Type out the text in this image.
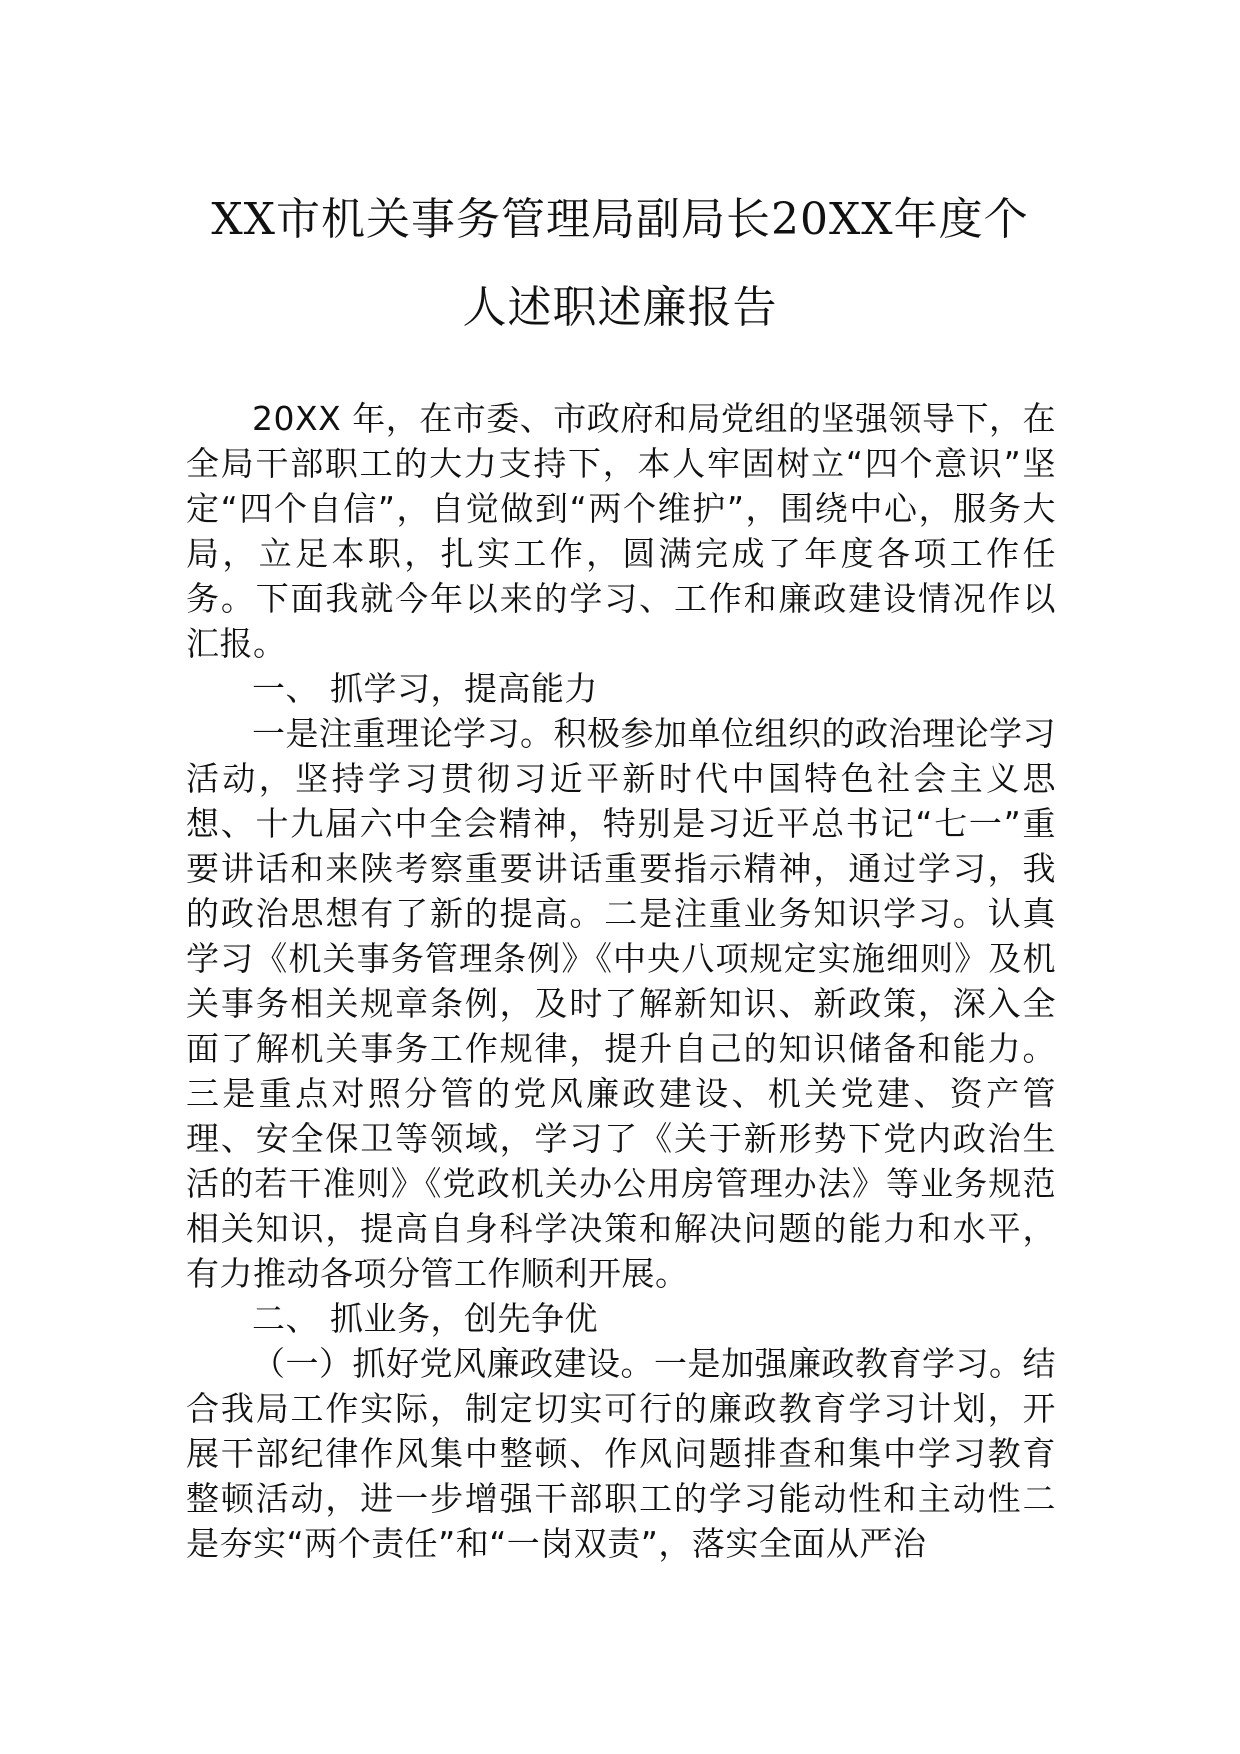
XX市机关事务管理局副局长20XX年度个
人述职述廉报告

20XX 年，在市委、市政府和局党组的坚强领导下，在全局干部职工的大力支持下，本人牢固树立“四个意识”坚定“四个自信”，自觉做到“两个维护”，围绕中心，服务大局，立足本职，扎实工作，圆满完成了年度各项工作任务。下面我就今年以来的学习、工作和廉政建设情况作以汇报。

一、 抓学习，提高能力

一是注重理论学习。积极参加单位组织的政治理论学习活动，坚持学习贯彻习近平新时代中国特色社会主义思想、十九届六中全会精神，特别是习近平总书记“七一”重要讲话和来陕考察重要讲话重要指示精神，通过学习，我的政治思想有了新的提高。二是注重业务知识学习。认真学习《机关事务管理条例》《中央八项规定实施细则》及机关事务相关规章条例，及时了解新知识、新政策，深入全面了解机关事务工作规律，提升自己的知识储备和能力。三是重点对照分管的党风廉政建设、机关党建、资产管理、安全保卫等领域，学习了《关于新形势下党内政治生活的若干准则》《党政机关办公用房管理办法》等业务规范相关知识，提高自身科学决策和解决问题的能力和水平，有力推动各项分管工作顺利开展。

二、 抓业务，创先争优

（一）抓好党风廉政建设。一是加强廉政教育学习。结合我局工作实际，制定切实可行的廉政教育学习计划，开展干部纪律作风集中整顿、作风问题排查和集中学习教育整顿活动，进一步增强干部职工的学习能动性和主动性二是夯实“两个责任”和“一岗双责”，落实全面从严治
